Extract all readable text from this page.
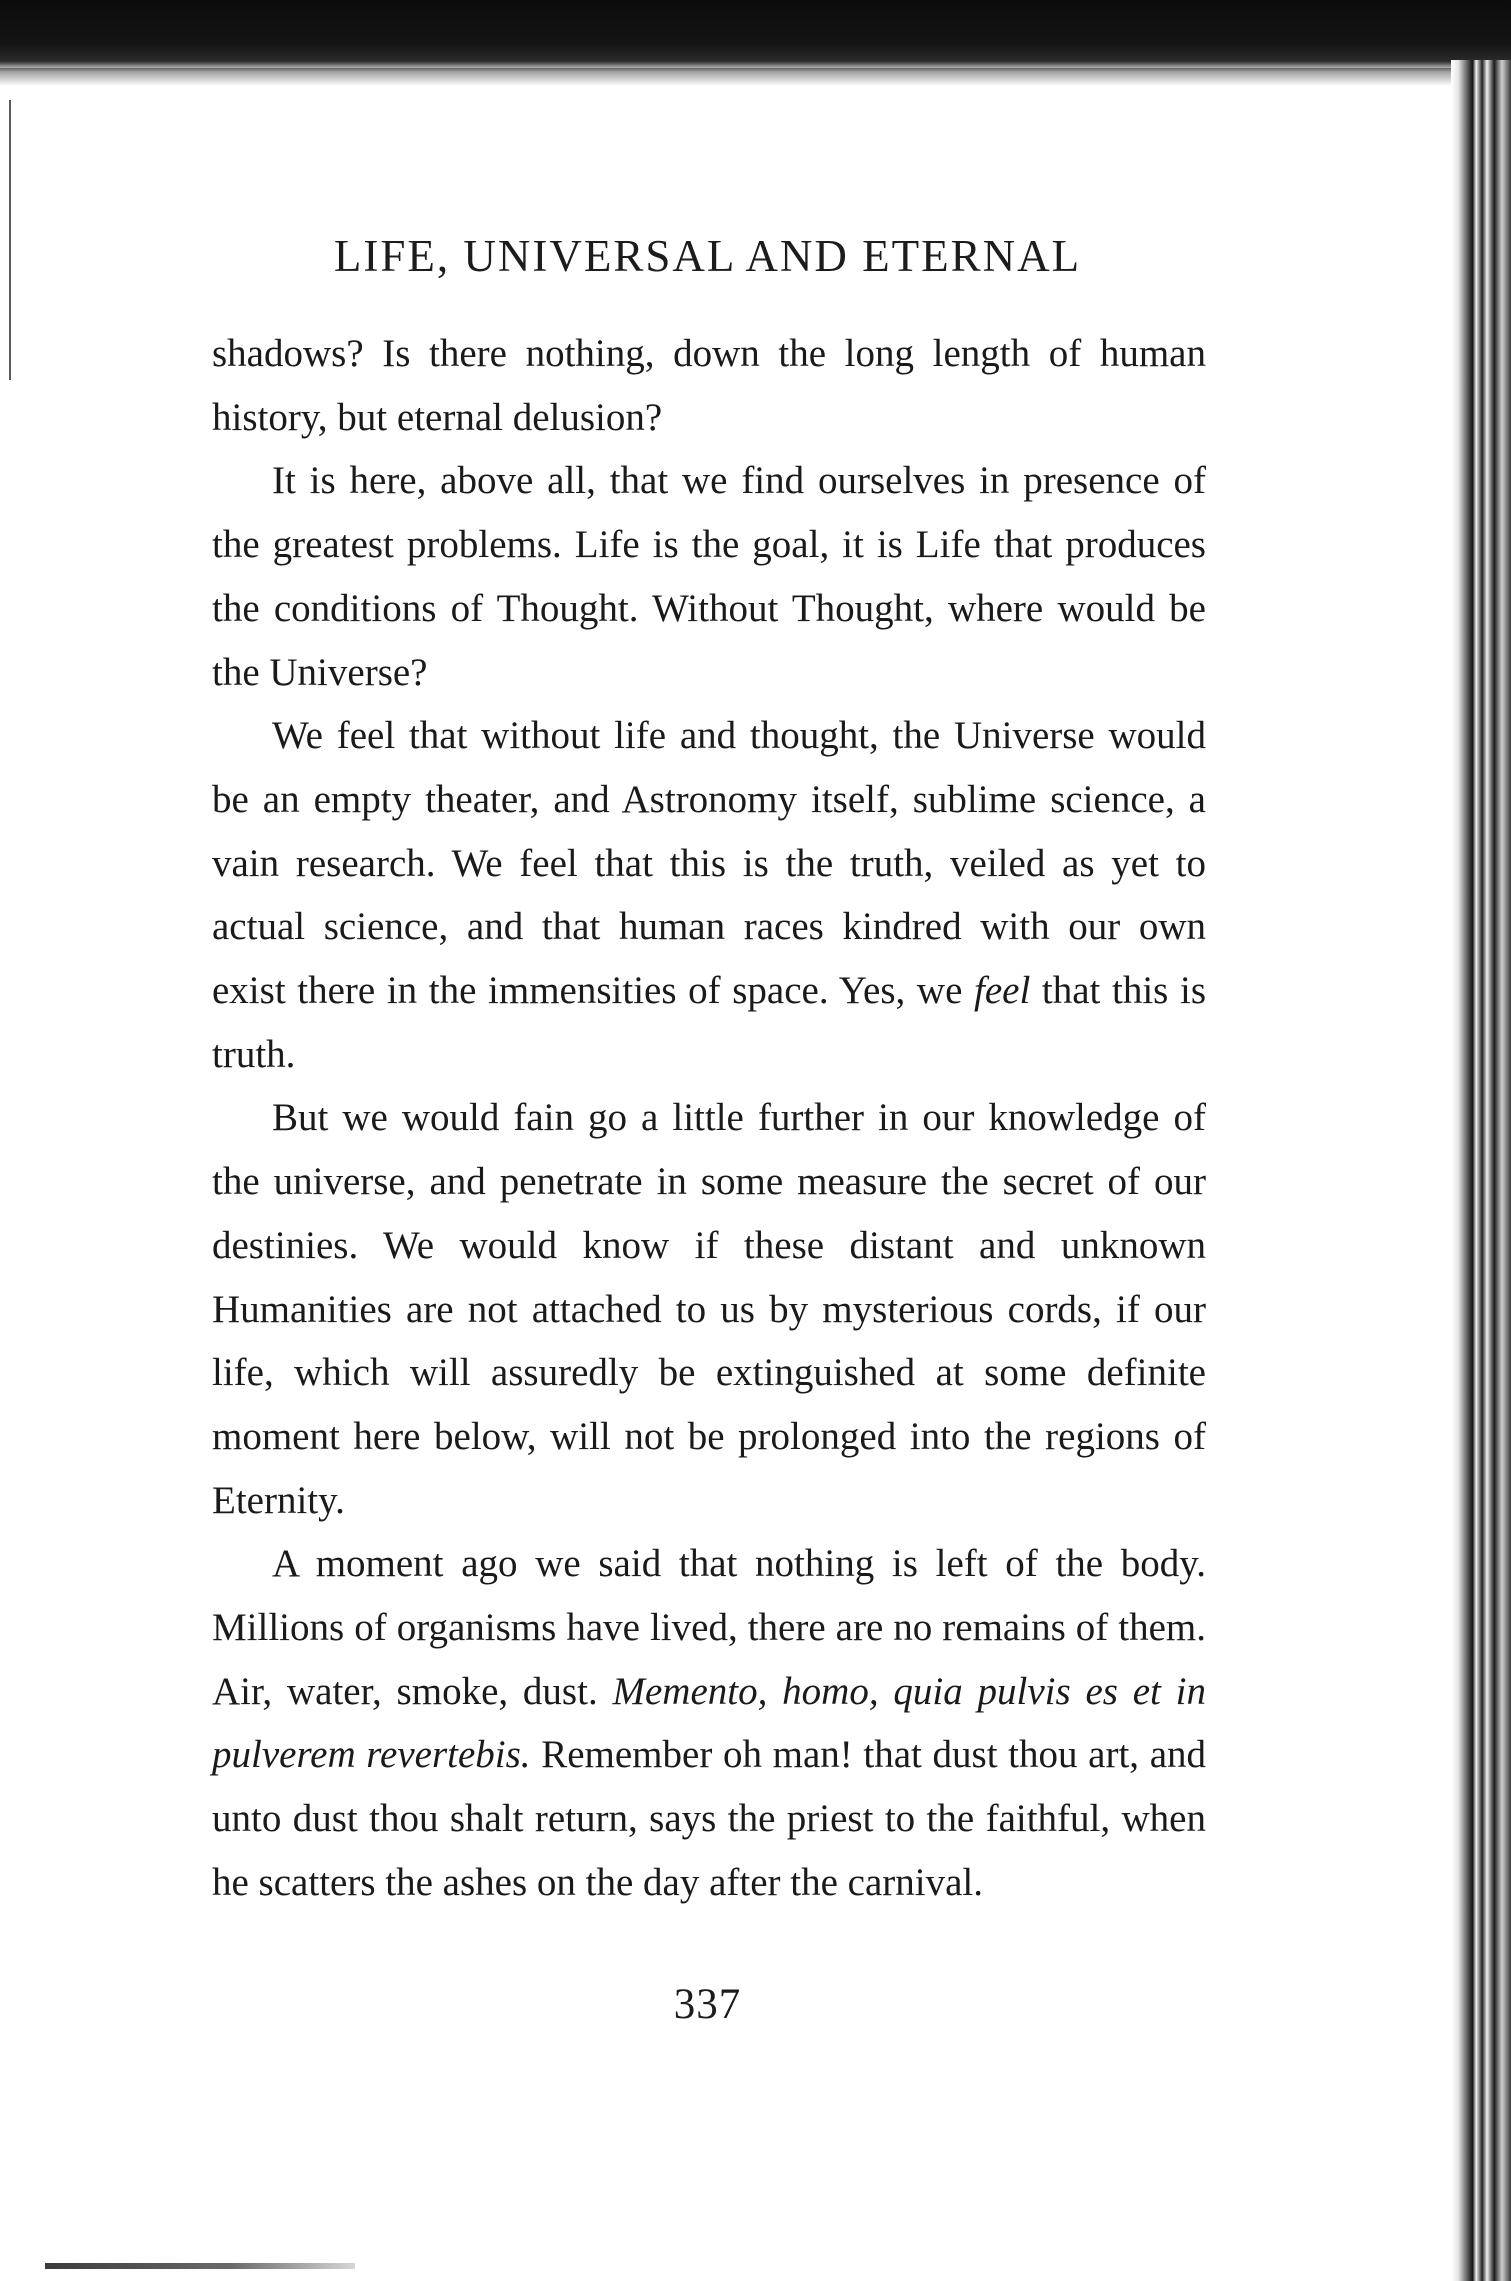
LIFE, UNIVERSAL AND ETERNAL

shadows? Is there nothing, down the long length of human history, but eternal delusion?

It is here, above all, that we find ourselves in presence of the greatest problems. Life is the goal, it is Life that produces the conditions of Thought. Without Thought, where would be the Universe?

We feel that without life and thought, the Universe would be an empty theater, and Astronomy itself, sublime science, a vain research. We feel that this is the truth, veiled as yet to actual science, and that human races kindred with our own exist there in the immensities of space. Yes, we feel that this is truth.

But we would fain go a little further in our knowledge of the universe, and penetrate in some measure the secret of our destinies. We would know if these distant and unknown Humanities are not attached to us by mysterious cords, if our life, which will assuredly be extinguished at some definite moment here below, will not be prolonged into the regions of Eternity.

A moment ago we said that nothing is left of the body. Millions of organisms have lived, there are no remains of them. Air, water, smoke, dust. Memento, homo, quia pulvis es et in pulverem revertebis. Remember oh man! that dust thou art, and unto dust thou shalt return, says the priest to the faithful, when he scatters the ashes on the day after the carnival.

337
